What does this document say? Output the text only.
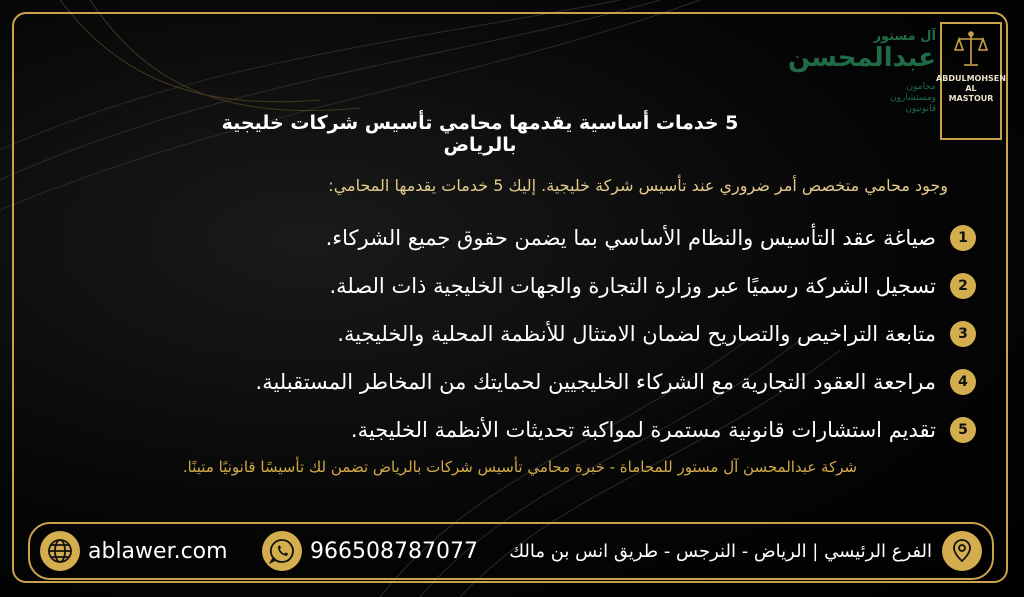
ABDULMOHSEN
AL MASTOUR
آل مستور
عبدالمحسن
محامون
ومستشارون
قانونيون
5 خدمات أساسية يقدمها محامي تأسيس شركات خليجية بالرياض
وجود محامي متخصص أمر ضروري عند تأسيس شركة خليجية. إليك 5 خدمات يقدمها المحامي:
1
صياغة عقد التأسيس والنظام الأساسي بما يضمن حقوق جميع الشركاء.
2
تسجيل الشركة رسميًا عبر وزارة التجارة والجهات الخليجية ذات الصلة.
3
متابعة التراخيص والتصاريح لضمان الامتثال للأنظمة المحلية والخليجية.
4
مراجعة العقود التجارية مع الشركاء الخليجيين لحمايتك من المخاطر المستقبلية.
5
تقديم استشارات قانونية مستمرة لمواكبة تحديثات الأنظمة الخليجية.
شركة عبدالمحسن آل مستور للمحاماة - خبرة محامي تأسيس شركات بالرياض تضمن لك تأسيسًا قانونيًا متينًا.
ablawer.com	966508787077 الفرع الرئيسي | الرياض - النرجس - طريق انس بن مالك
